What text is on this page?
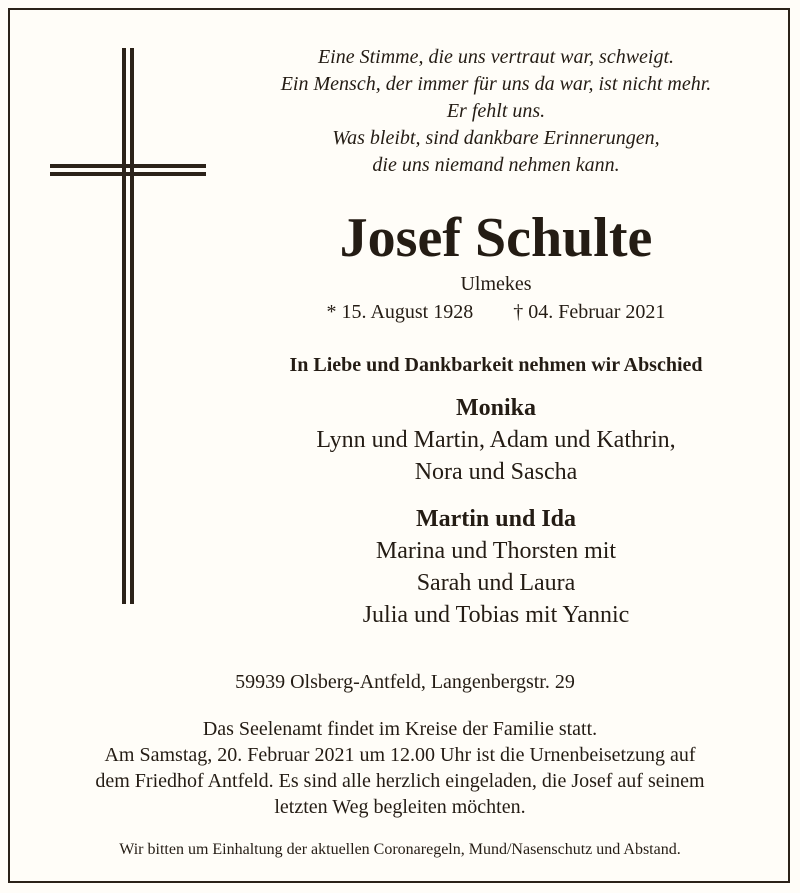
Eine Stimme, die uns vertraut war, schweigt.
Ein Mensch, der immer für uns da war, ist nicht mehr.
Er fehlt uns.
Was bleibt, sind dankbare Erinnerungen,
die uns niemand nehmen kann.
Josef Schulte
Ulmekes
* 15. August 1928 † 04. Februar 2021
In Liebe und Dankbarkeit nehmen wir Abschied
Monika
Lynn und Martin, Adam und Kathrin,
Nora und Sascha
Martin und Ida
Marina und Thorsten mit
Sarah und Laura
Julia und Tobias mit Yannic
59939 Olsberg-Antfeld, Langenbergstr. 29
Das Seelenamt findet im Kreise der Familie statt.
Am Samstag, 20. Februar 2021 um 12.00 Uhr ist die Urnenbeisetzung auf
dem Friedhof Antfeld. Es sind alle herzlich eingeladen, die Josef auf seinem
letzten Weg begleiten möchten.
Wir bitten um Einhaltung der aktuellen Coronaregeln, Mund/Nasenschutz und Abstand.
